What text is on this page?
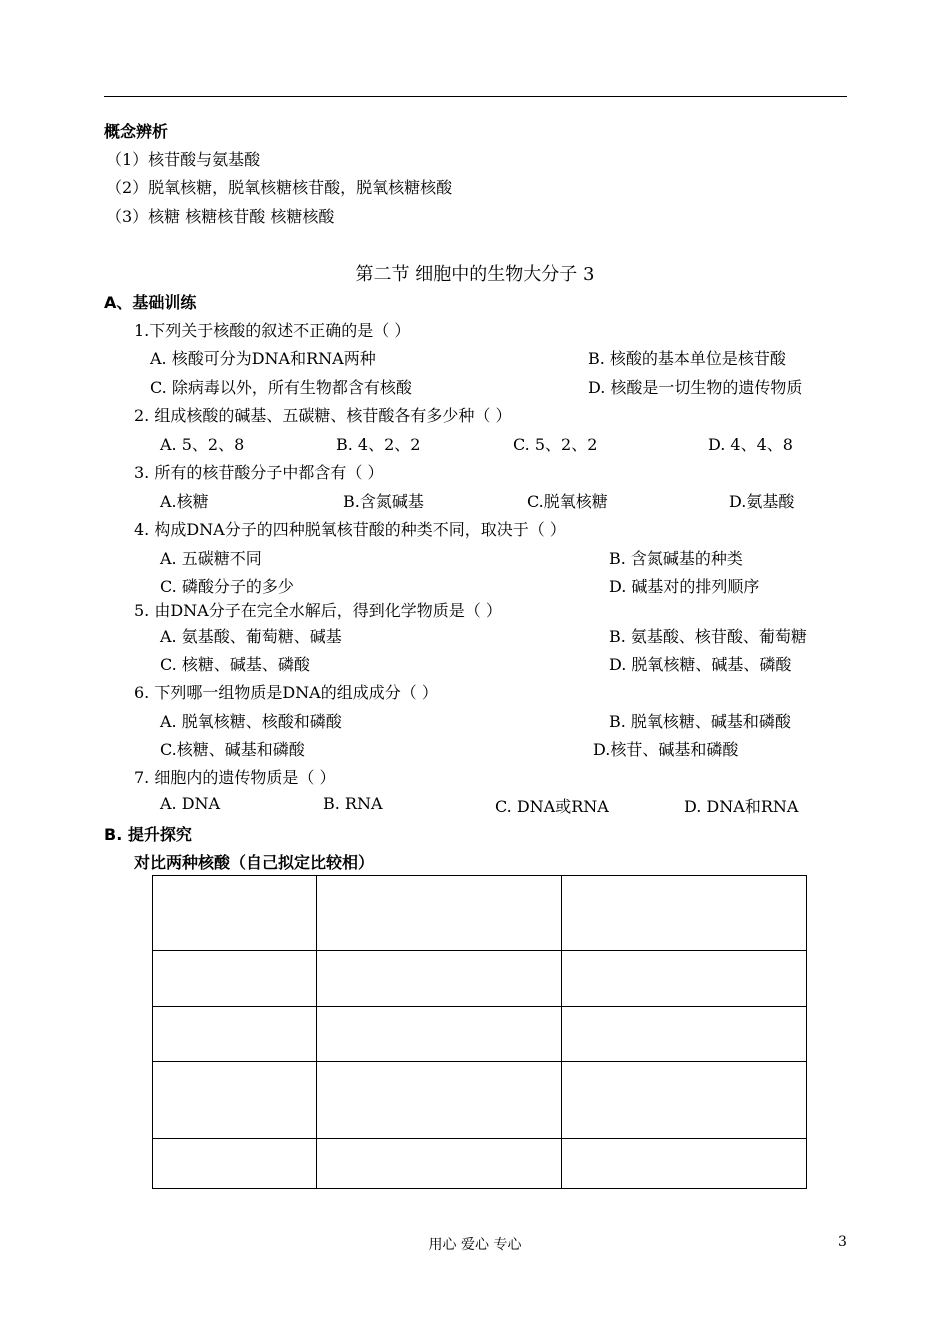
概念辨析
（1）核苷酸与氨基酸
（2）脱氧核糖，脱氧核糖核苷酸，脱氧核糖核酸
（3）核糖 核糖核苷酸 核糖核酸
第二节 细胞中的生物大分子 3
A、基础训练
1.下列关于核酸的叙述不正确的是（ ）
A. 核酸可分为DNA和RNA两种	B. 核酸的基本单位是核苷酸
C. 除病毒以外，所有生物都含有核酸	D. 核酸是一切生物的遗传物质
2. 组成核酸的碱基、五碳糖、核苷酸各有多少种（ ）
A. 5、2、8	B. 4、2、2	C. 5、2、2	D. 4、4、8
3. 所有的核苷酸分子中都含有（ ）
A.核糖	B.含氮碱基	C.脱氧核糖	D.氨基酸
4. 构成DNA分子的四种脱氧核苷酸的种类不同，取决于（ ）
A. 五碳糖不同	B. 含氮碱基的种类
C. 磷酸分子的多少	D. 碱基对的排列顺序
5. 由DNA分子在完全水解后，得到化学物质是（ ）
A. 氨基酸、葡萄糖、碱基	B. 氨基酸、核苷酸、葡萄糖
C. 核糖、碱基、磷酸	D. 脱氧核糖、碱基、磷酸
6. 下列哪一组物质是DNA的组成成分（ ）
A. 脱氧核糖、核酸和磷酸	B. 脱氧核糖、碱基和磷酸
C.核糖、碱基和磷酸	D.核苷、碱基和磷酸
7. 细胞内的遗传物质是（ ）
A. DNA	B. RNA	C. DNA或RNA	D. DNA和RNA
B. 提升探究
对比两种核酸（自己拟定比较相）

用心 爱心 专心	3
